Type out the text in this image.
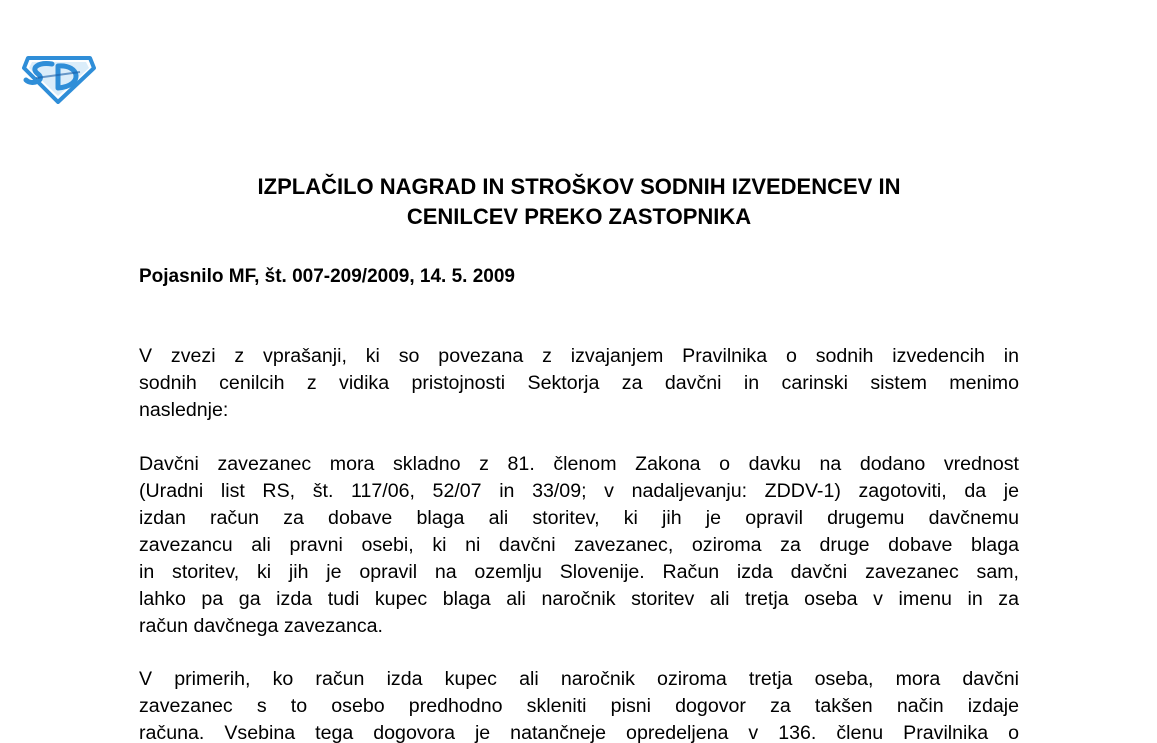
IZPLAČILO NAGRAD IN STROŠKOV SODNIH IZVEDENCEV IN
CENILCEV PREKO ZASTOPNIKA
Pojasnilo MF, št. 007-209/2009, 14. 5. 2009
V zvezi z vprašanji, ki so povezana z izvajanjem Pravilnika o sodnih izvedencih in
sodnih cenilcih z vidika pristojnosti Sektorja za davčni in carinski sistem menimo
naslednje:
Davčni zavezanec mora skladno z 81. členom Zakona o davku na dodano vrednost
(Uradni list RS, št. 117/06, 52/07 in 33/09; v nadaljevanju: ZDDV-1) zagotoviti, da je
izdan račun za dobave blaga ali storitev, ki jih je opravil drugemu davčnemu
zavezancu ali pravni osebi, ki ni davčni zavezanec, oziroma za druge dobave blaga
in storitev, ki jih je opravil na ozemlju Slovenije. Račun izda davčni zavezanec sam,
lahko pa ga izda tudi kupec blaga ali naročnik storitev ali tretja oseba v imenu in za
račun davčnega zavezanca.
V primerih, ko račun izda kupec ali naročnik oziroma tretja oseba, mora davčni
zavezanec s to osebo predhodno skleniti pisni dogovor za takšen način izdaje
računa. Vsebina tega dogovora je natančneje opredeljena v 136. členu Pravilnika o
